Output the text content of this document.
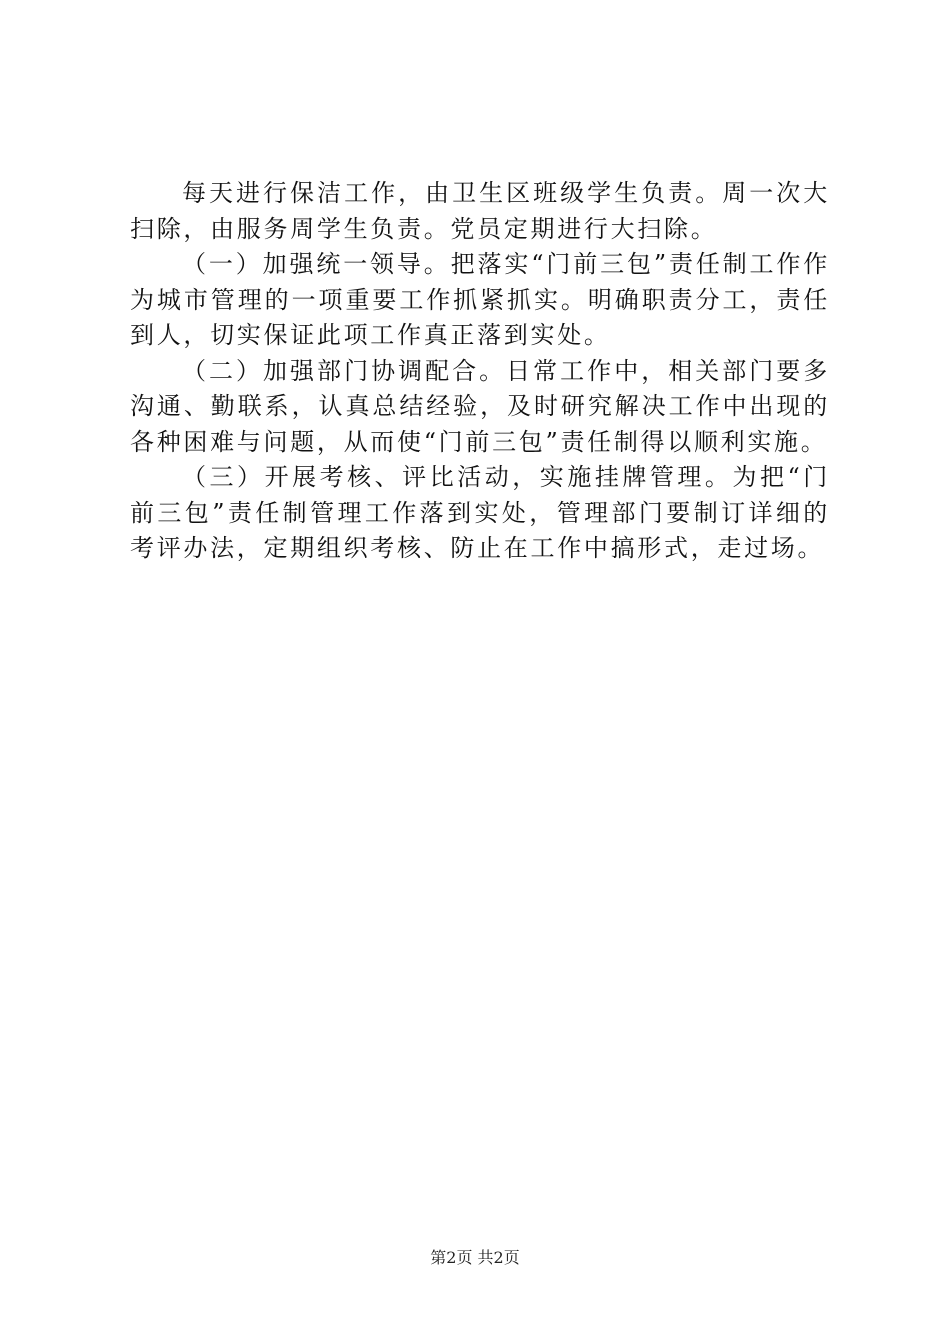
每天进行保洁工作，由卫生区班级学生负责。周一次大扫除，由服务周学生负责。党员定期进行大扫除。

（一）加强统一领导。把落实“门前三包”责任制工作作为城市管理的一项重要工作抓紧抓实。明确职责分工，责任到人，切实保证此项工作真正落到实处。

（二）加强部门协调配合。日常工作中，相关部门要多沟通、勤联系，认真总结经验，及时研究解决工作中出现的各种困难与问题，从而使“门前三包”责任制得以顺利实施。

（三）开展考核、评比活动，实施挂牌管理。为把“门前三包”责任制管理工作落到实处，管理部门要制订详细的考评办法，定期组织考核、防止在工作中搞形式，走过场。

第2页 共2页
